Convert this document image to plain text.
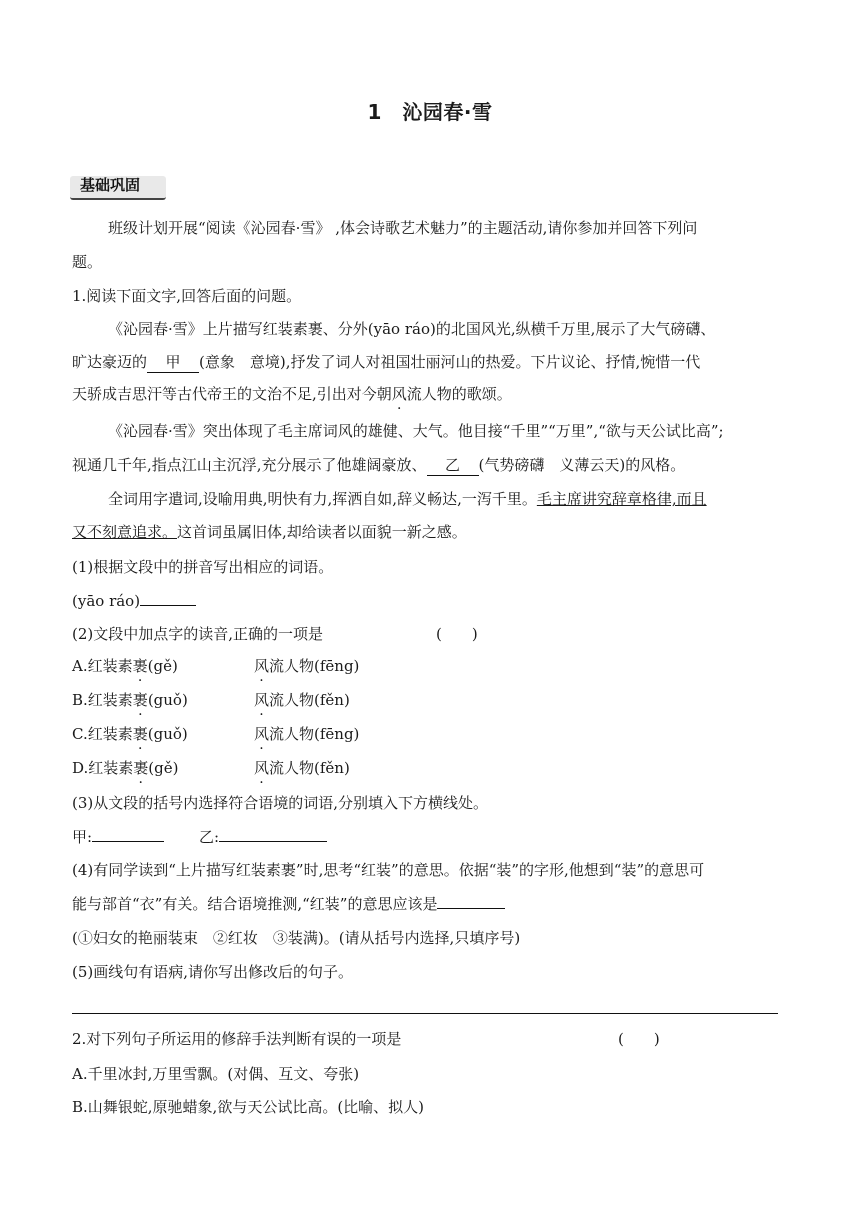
1　沁园春·雪
基础巩固
班级计划开展“阅读《沁园春·雪》 ,体会诗歌艺术魅力”的主题活动,请你参加并回答下列问
题。
1.阅读下面文字,回答后面的问题。
《沁园春·雪》上片描写红装素裹、分外(yāo ráo)的北国风光,纵横千万里,展示了大气磅礴、
旷达豪迈的 甲 (意象　意境),抒发了词人对祖国壮丽河山的热爱。下片议论、抒情,惋惜一代
天骄成吉思汗等古代帝王的文治不足,引出对今朝风流人物的歌颂。
《沁园春·雪》突出体现了毛主席词风的雄健、大气。他目接“千里”“万里”,“欲与天公试比高”;
视通几千年,指点江山主沉浮,充分展示了他雄阔豪放、 乙 (气势磅礴　义薄云天)的风格。
全词用字遣词,设喻用典,明快有力,挥洒自如,辞义畅达,一泻千里。毛主席讲究辞章格律,而且
又不刻意追求。这首词虽属旧体,却给读者以面貌一新之感。
(1)根据文段中的拼音写出相应的词语。
(yāo ráo)
(2)文段中加点字的读音,正确的一项是	(　　)
A.红装素裹(gě)	风流人物(fēng)
B.红装素裹(guǒ)	风流人物(fěn)
C.红装素裹(guǒ)	风流人物(fēng)
D.红装素裹(gě)	风流人物(fěn)
(3)从文段的括号内选择符合语境的词语,分别填入下方横线处。
甲:	乙:
(4)有同学读到“上片描写红装素裹”时,思考“红装”的意思。依据“装”的字形,他想到“装”的意思可
能与部首“衣”有关。结合语境推测,“红装”的意思应该是
(①妇女的艳丽装束　②红妆　③装满)。(请从括号内选择,只填序号)
(5)画线句有语病,请你写出修改后的句子。
2.对下列句子所运用的修辞手法判断有误的一项是	(　　)
A.千里冰封,万里雪飘。(对偶、互文、夸张)
B.山舞银蛇,原驰蜡象,欲与天公试比高。(比喻、拟人)
